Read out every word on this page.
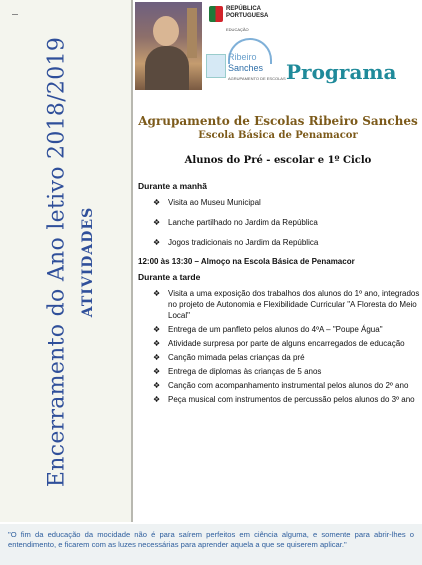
Encerramento do Ano letivo 2018/2019 ATIVIDADES
REPÚBLICA
PORTUGUESA
EDUCAÇÃO
Ribeiro
Sanches
AGRUPAMENTO DE ESCOLAS Programa
Agrupamento de Escolas Ribeiro Sanches
Escola Básica de Penamacor
Alunos do Pré - escolar e 1º Ciclo
Durante a manhã
❖ Visita ao Museu Municipal
❖ Lanche partilhado no Jardim da República
❖ Jogos tradicionais no Jardim da República
12:00 às 13:30 – Almoço na Escola Básica de Penamacor
Durante a tarde
❖ Visita a uma exposição dos trabalhos dos alunos do 1º ano, integrados no projeto de Autonomia e Flexibilidade Curricular "A Floresta do Meio Local"
❖ Entrega de um panfleto pelos alunos do 4ºA – "Poupe Água"
❖ Atividade surpresa por parte de alguns encarregados de educação
❖ Canção mimada pelas crianças da pré
❖ Entrega de diplomas às crianças de 5 anos
❖ Canção com acompanhamento instrumental pelos alunos do 2º ano
❖ Peça musical com instrumentos de percussão pelos alunos do 3º ano
"O fim da educação da mocidade não é para saírem perfeitos em ciência alguma, e somente para abrir-lhes o entendimento, e ficarem com as luzes necessárias para aprender aquela a que se quiserem aplicar."
